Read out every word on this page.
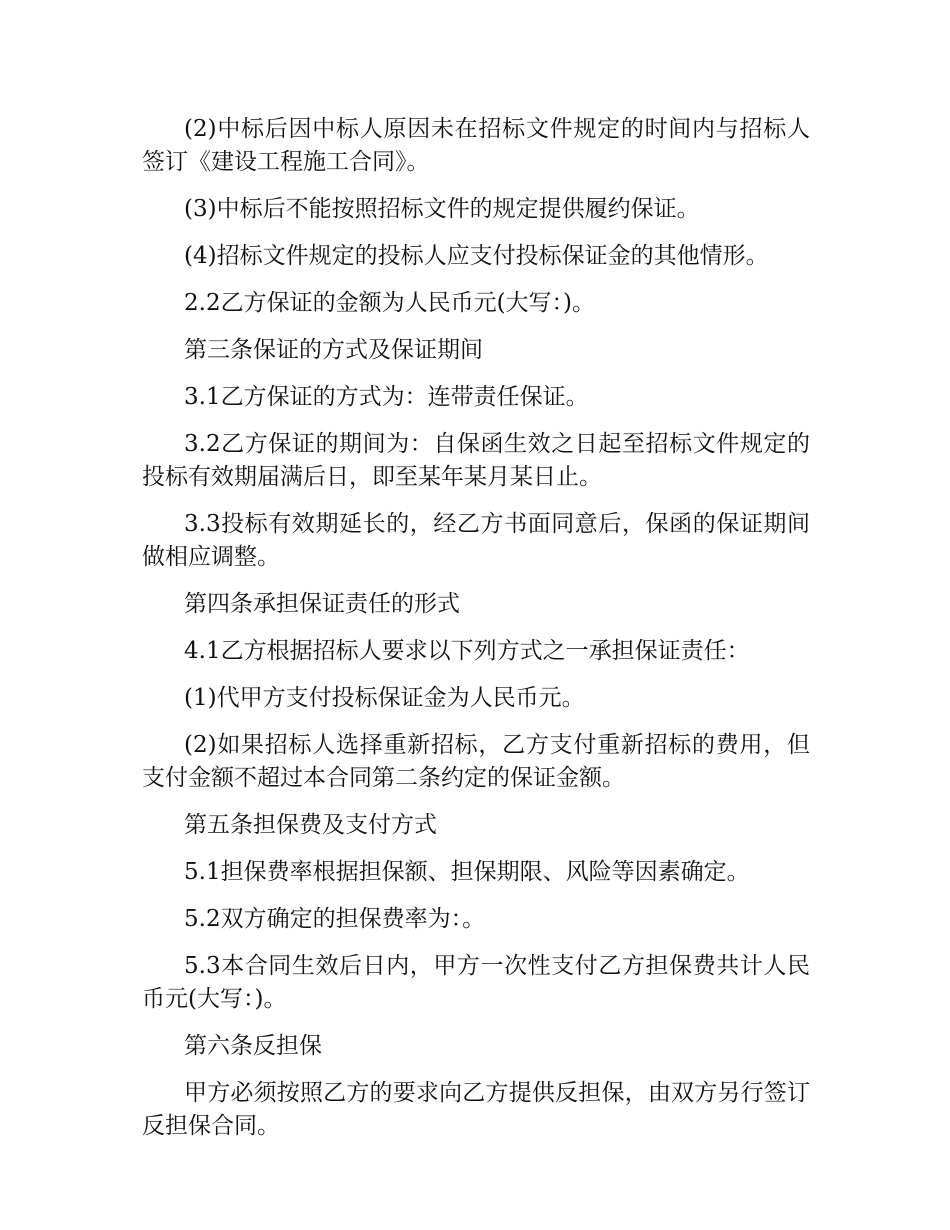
(2)中标后因中标人原因未在招标文件规定的时间内与招标人签订《建设工程施工合同》。

(3)中标后不能按照招标文件的规定提供履约保证。

(4)招标文件规定的投标人应支付投标保证金的其他情形。

2.2乙方保证的金额为人民币元(大写：)。

第三条保证的方式及保证期间

3.1乙方保证的方式为：连带责任保证。

3.2乙方保证的期间为：自保函生效之日起至招标文件规定的投标有效期届满后日，即至某年某月某日止。

3.3投标有效期延长的，经乙方书面同意后，保函的保证期间做相应调整。

第四条承担保证责任的形式

4.1乙方根据招标人要求以下列方式之一承担保证责任：

(1)代甲方支付投标保证金为人民币元。

(2)如果招标人选择重新招标，乙方支付重新招标的费用，但支付金额不超过本合同第二条约定的保证金额。

第五条担保费及支付方式

5.1担保费率根据担保额、担保期限、风险等因素确定。

5.2双方确定的担保费率为：。

5.3本合同生效后日内，甲方一次性支付乙方担保费共计人民币元(大写：)。

第六条反担保

甲方必须按照乙方的要求向乙方提供反担保，由双方另行签订反担保合同。
